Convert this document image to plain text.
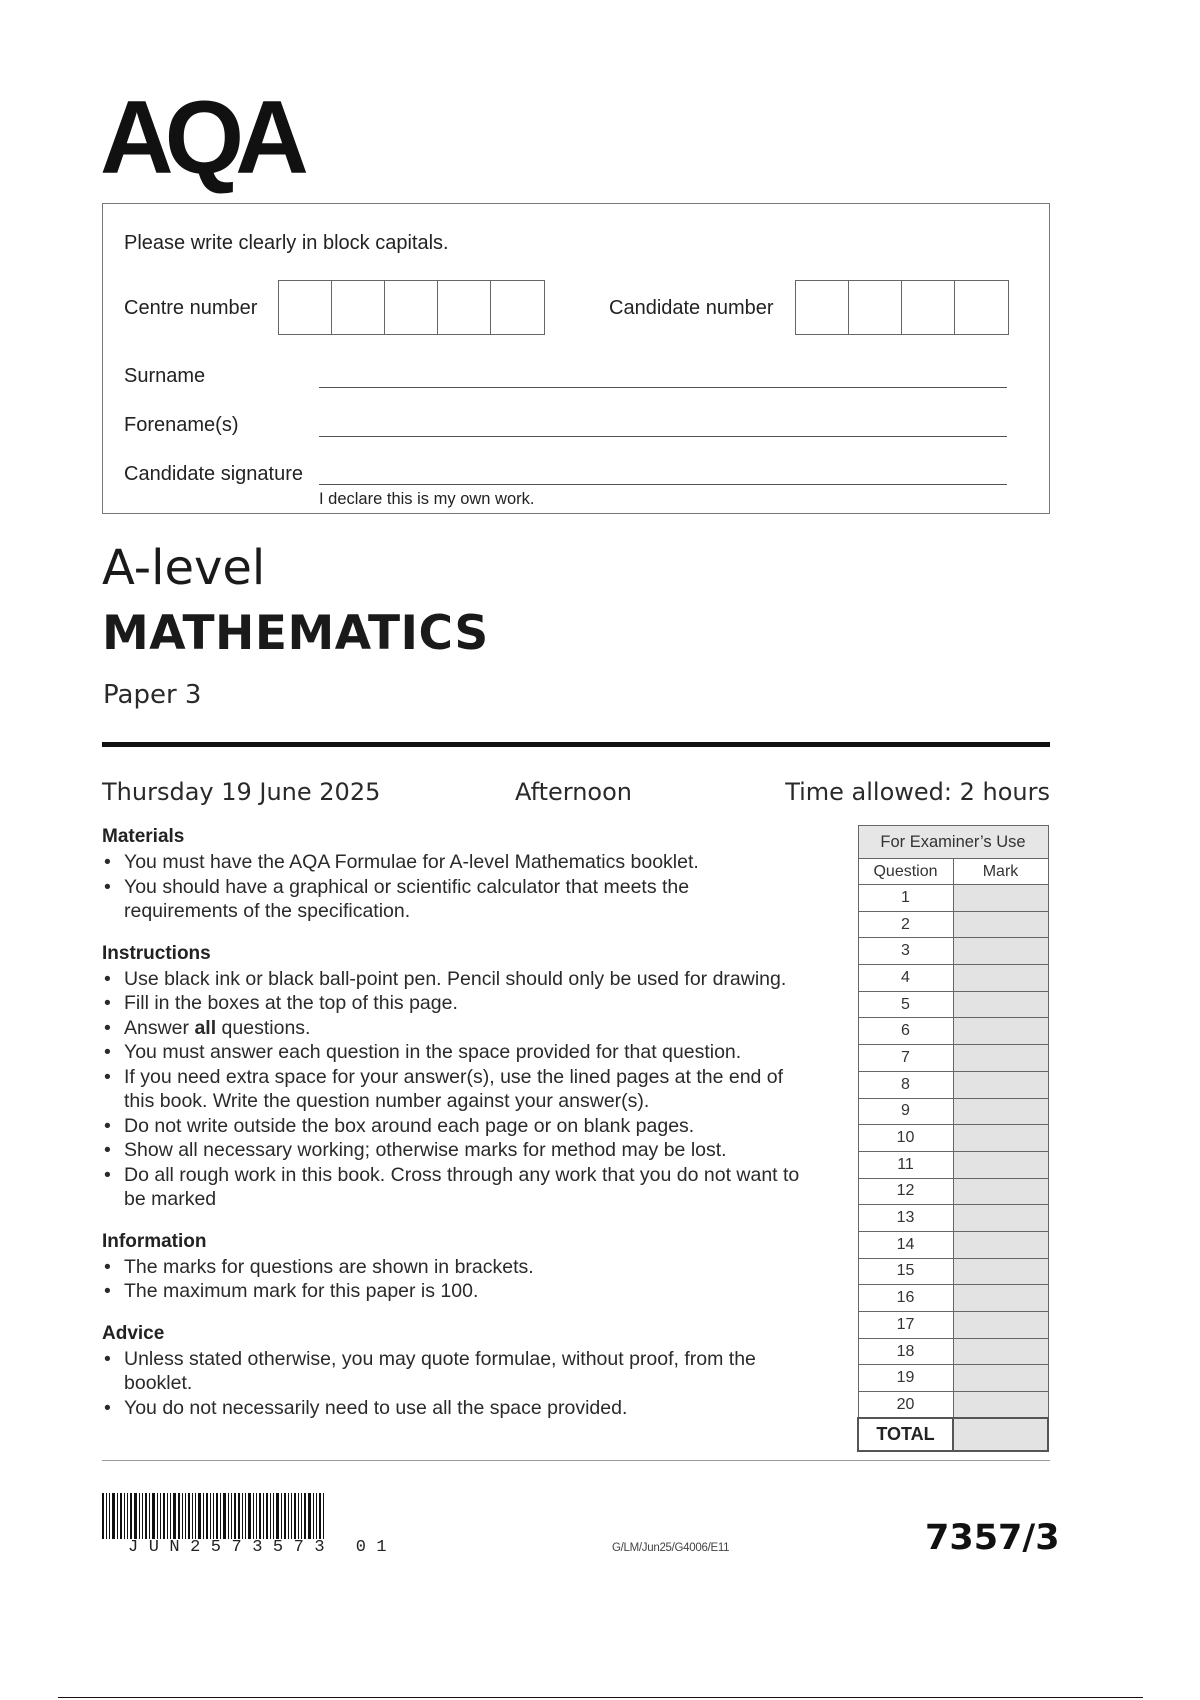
AQA
Please write clearly in block capitals.
Centre number	Candidate number
Surname
Forename(s)
Candidate signature
I declare this is my own work.
A-level
MATHEMATICS
Paper 3
Thursday 19 June 2025	Afternoon	Time allowed: 2 hours
Materials
• You must have the AQA Formulae for A-level Mathematics booklet.
• You should have a graphical or scientific calculator that meets the requirements of the specification.
Instructions
• Use black ink or black ball-point pen. Pencil should only be used for drawing.
• Fill in the boxes at the top of this page.
• Answer all questions.
• You must answer each question in the space provided for that question.
• If you need extra space for your answer(s), use the lined pages at the end of this book. Write the question number against your answer(s).
• Do not write outside the box around each page or on blank pages.
• Show all necessary working; otherwise marks for method may be lost.
• Do all rough work in this book. Cross through any work that you do not want to be marked
Information
• The marks for questions are shown in brackets.
• The maximum mark for this paper is 100.
Advice
• Unless stated otherwise, you may quote formulae, without proof, from the booklet.
• You do not necessarily need to use all the space provided.
For Examiner’s Use	
Question	Mark
1	
2	
3	
4	
5	
6	
7	
8	
9	
10	
11	
12	
13	
14	
15	
16	
17	
18	
19	
20	
TOTAL	
JUN2573573 01	G/LM/Jun25/G4006/E11	7357/3
